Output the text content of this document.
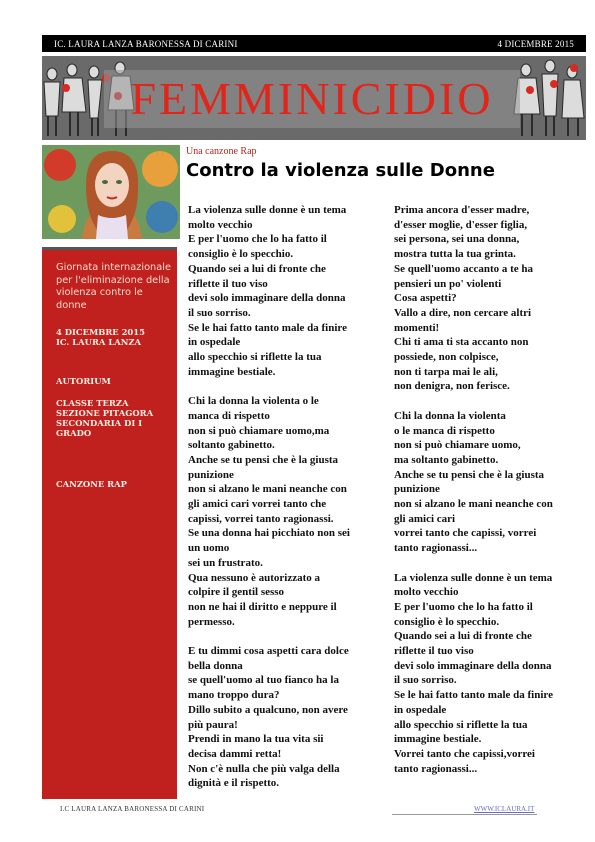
IC. LAURA LANZA BARONESSA DI CARINI	4 DICEMBRE 2015
FEMMINICIDIO
Giornata internazionale per l'eliminazione della violenza contro le donne
4 DICEMBRE 2015
IC. LAURA LANZA
AUTORIUM
CLASSE TERZA
SEZIONE PITAGORA
SECONDARIA DI I
GRADO
CANZONE RAP
Una canzone Rap
Contro la violenza sulle Donne

La violenza sulle donne è un tema
molto vecchio
E per l'uomo che lo ha fatto il
consiglio è lo specchio.
Quando sei a lui di fronte che
riflette il tuo viso
devi solo immaginare della donna
il suo sorriso.
Se le hai fatto tanto male da finire
in ospedale
allo specchio si riflette la tua
immagine bestiale.

Chi la donna la violenta o le
manca di rispetto
non si può chiamare uomo,ma
soltanto gabinetto.
Anche se tu pensi che è la giusta
punizione
non si alzano le mani neanche con
gli amici cari vorrei tanto che
capissi, vorrei tanto ragionassi.
Se una donna hai picchiato non sei
un uomo
sei un frustrato.
Qua nessuno è autorizzato a
colpire il gentil sesso
non ne hai il diritto e neppure il
permesso.

E tu dimmi cosa aspetti cara dolce
bella donna
se quell'uomo al tuo fianco ha la
mano troppo dura?
Dillo subito a qualcuno, non avere
più paura!
Prendi in mano la tua vita sii
decisa dammi retta!
Non c'è nulla che più valga della
dignità e il rispetto.

Prima ancora d'esser madre,
d'esser moglie, d'esser figlia,
sei persona, sei una donna,
mostra tutta la tua grinta.
Se quell'uomo accanto a te ha
pensieri un po' violenti
Cosa aspetti?
Vallo a dire, non cercare altri
momenti!
Chi ti ama ti sta accanto non
possiede, non colpisce,
non ti tarpa mai le ali,
non denigra, non ferisce.

Chi la donna la violenta
o le manca di rispetto
non si può chiamare uomo,
ma soltanto gabinetto.
Anche se tu pensi che è la giusta
punizione
non si alzano le mani neanche con
gli amici cari
vorrei tanto che capissi, vorrei
tanto ragionassi...

La violenza sulle donne è un tema
molto vecchio
E per l'uomo che lo ha fatto il
consiglio è lo specchio.
Quando sei a lui di fronte che
riflette il tuo viso
devi solo immaginare della donna
il suo sorriso.
Se le hai fatto tanto male da finire
in ospedale
allo specchio si riflette la tua
immagine bestiale.
Vorrei tanto che capissi,vorrei
tanto ragionassi...

I.C LAURA LANZA BARONESSA DI CARINI	WWW.ICLAURA.IT
